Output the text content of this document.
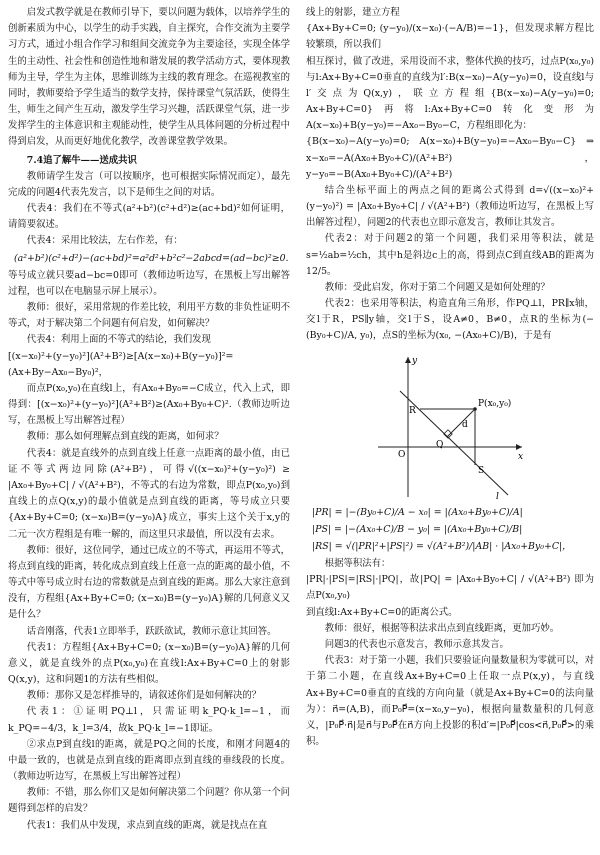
启发式教学就是在教师引导下，要以问题为载体，以培养学生的创新素质为中心，以学生的动手实践，自主探究，合作交流为主要学习方式，通过小组合作学习和组间交流竞争为主要途径，实现全体学生的主动性、社会性和创造性地和谐发展的教学活动方式，要体现教师为主导，学生为主体，思维训练为主线的教育理念。在巡视教室的同时，教师要给予学生适当的数学支持，保持课堂气氛活跃，使得生生，师生之间产生互动，激发学生学习兴趣，活跃课堂气氛，进一步发挥学生的主体意识和主观能动性，使学生从具体问题的分析过程中得到启发，从而更好地优化教学，改善课堂教学效果。

7.4追了解牛——送成共识

教师请学生发言（可以按顺序，也可根据实际情况而定），最先完成的问题4代表先发言，以下是师生之间的对话。

代表4：我们在不等式(a²+b²)(c²+d²)≥(ac+bd)²如何证明，请简要叙述。

代表4：采用比较法，左右作差，有：

(a²+b²)(c²+d²)−(ac+bd)²=a²d²+b²c²−2abcd=(ad−bc)²≥0.

等号成立就只要ad−bc=0即可（教师边听边写，在黑板上写出解答过程，也可以在电脑显示屏上展示）。

教师：很好，采用常规的作差比较，利用平方数的非负性证明不等式，对于解决第二个问题有何启发，如何解决？

代表4：利用上面的不等式的结论，我们发现

[(x−x₀)²+(y−y₀)²](A²+B²)≥[A(x−x₀)+B(y−y₀)]²=(Ax+By−Ax₀−By₀)²，

而点P(x₀,y₀)在直线l上，有Ax₀+By₀=−C成立，代入上式，即得到：[(x−x₀)²+(y−y₀)²](A²+B²)≥(Ax₀+By₀+C)².（教师边听边写，在黑板上写出解答过程）

教师：那么如何理解点到直线的距离，如何求？

代表4：就是直线外的点到直线上任意一点距离的最小值，由已证不等式两边同除(A²+B²)，可得√((x−x₀)²+(y−y₀)²) ≥ |Ax₀+By₀+C| / √(A²+B²)，不等式的右边为常数，即点P(x₀,y₀)到直线上的点Q(x,y)的最小值就是点到直线的距离，等号成立只要{Ax+By+C=0; (x−x₀)B=(y−y₀)A}成立，事实上这个关于x,y的二元一次方程组是有唯一解的，而这里只求最值，所以没有去求。

教师：很好，这位同学，通过已成立的不等式，再运用不等式，将点到直线的距离，转化成点到直线上任意一点的距离的最小值，不等式中等号成立时右边的常数就是点到直线的距离。那么大家注意到没有，方程组{Ax+By+C=0; (x−x₀)B=(y−y₀)A}解的几何意义又是什么？

话音刚落，代表1立即举手，跃跃欲试，教师示意让其回答。

代表1：方程组{Ax+By+C=0; (x−x₀)B=(y−y₀)A}解的几何意义，就是直线外的点P(x₀,y₀)在直线l:Ax+By+C=0上的射影Q(x,y)，这和问题1的方法有些相似。

教师：那你又是怎样推导的，请叙述你们是如何解决的？

代表1：①证明PQ⊥l，只需证明k_PQ·k_l=−1，而k_PQ=−4/3，k_l=3/4，故k_PQ·k_l=−1即证。

②求点P到直线l的距离，就是PQ之间的长度，和刚才问题4的中最一致的，也就是点到直线的距离即点到直线的垂线段的长度。（教师边听边写，在黑板上写出解答过程）

教师：不错，那么你们又是如何解决第二个问题？你从第一个问题得到怎样的启发？

代表1：我们从中发现，求点到直线的距离，就是找点在直

线上的射影，建立方程

{Ax+By+C=0; (y−y₀)/(x−x₀)·(−A/B)=−1}，但发现求解方程比较繁琐，所以我们

相互探讨，做了改进，采用设而不求，整体代换的技巧，过点P(x₀,y₀)与l:Ax+By+C=0垂直的直线为l′:B(x−x₀)−A(y−y₀)=0，设直线l与l′交点为Q(x,y)，联立方程组{B(x−x₀)−A(y−y₀)=0; Ax+By+C=0}再将l:Ax+By+C=0转化变形为A(x−x₀)+B(y−y₀)=−Ax₀−By₀−C，方程组即化为：

{B(x−x₀)−A(y−y₀)=0; A(x−x₀)+B(y−y₀)=−Ax₀−By₀−C} ⇒ x−x₀=−A(Ax₀+By₀+C)/(A²+B²)，y−y₀=−B(Ax₀+By₀+C)/(A²+B²)

结合坐标平面上的两点之间的距离公式得到 d=√((x−x₀)²+(y−y₀)²) = |Ax₀+By₀+C| / √(A²+B²)（教师边听边写，在黑板上写出解答过程），问题2的代表也立即示意发言，教师让其发言。

代表2：对于问题2的第一个问题，我们采用等积法，就是s=½ab=½ch，其中h是斜边c上的高，得到点C到直线AB的距离为12/5。

教师：受此启发，你对于第二个问题又是如何处理的？

代表2：也采用等积法，构造直角三角形，作PQ⊥l，PR∥x轴，交l于R，PS∥y轴，交l于S，设A≠0，B≠0，点R的坐标为(−(By₀+C)/A, y₀)，点S的坐标为(x₀, −(Ax₀+C)/B)，于是有

P(x₀,y₀)
R
S
O
Q
d
x
y
l

|PR| = |−(By₀+C)/A − x₀| = |(Ax₀+By₀+C)/A|

|PS| = |−(Ax₀+C)/B − y₀| = |(Ax₀+By₀+C)/B|

|RS| = √(|PR|²+|PS|²) = √(A²+B²)/|AB| · |Ax₀+By₀+C|，

根据等积法有：

|PR|·|PS|=|RS|·|PQ|，故|PQ| = |Ax₀+By₀+C| / √(A²+B²) 即为点P(x₀,y₀)

到直线l:Ax+By+C=0的距离公式。

教师：很好，根据等积法求出点到直线距离，更加巧妙。

问题3的代表也示意发言，教师示意其发言。

代表3：对于第一小题，我们只要验证向量数量积为零就可以，对于第二小题，在直线Ax+By+C=0上任取一点P(x,y)，与直线Ax+By+C=0垂直的直线的方向向量（就是Ax+By+C=0的法向量为）：n⃗=(A,B)，而P₀P⃗=(x−x₀,y−y₀)，根据向量数量积的几何意义，|P₀P⃗·n⃗|是n⃗与P₀P⃗在n⃗方向上投影的积d′=|P₀P⃗|cos<n⃗,P₀P⃗>的乘积。
